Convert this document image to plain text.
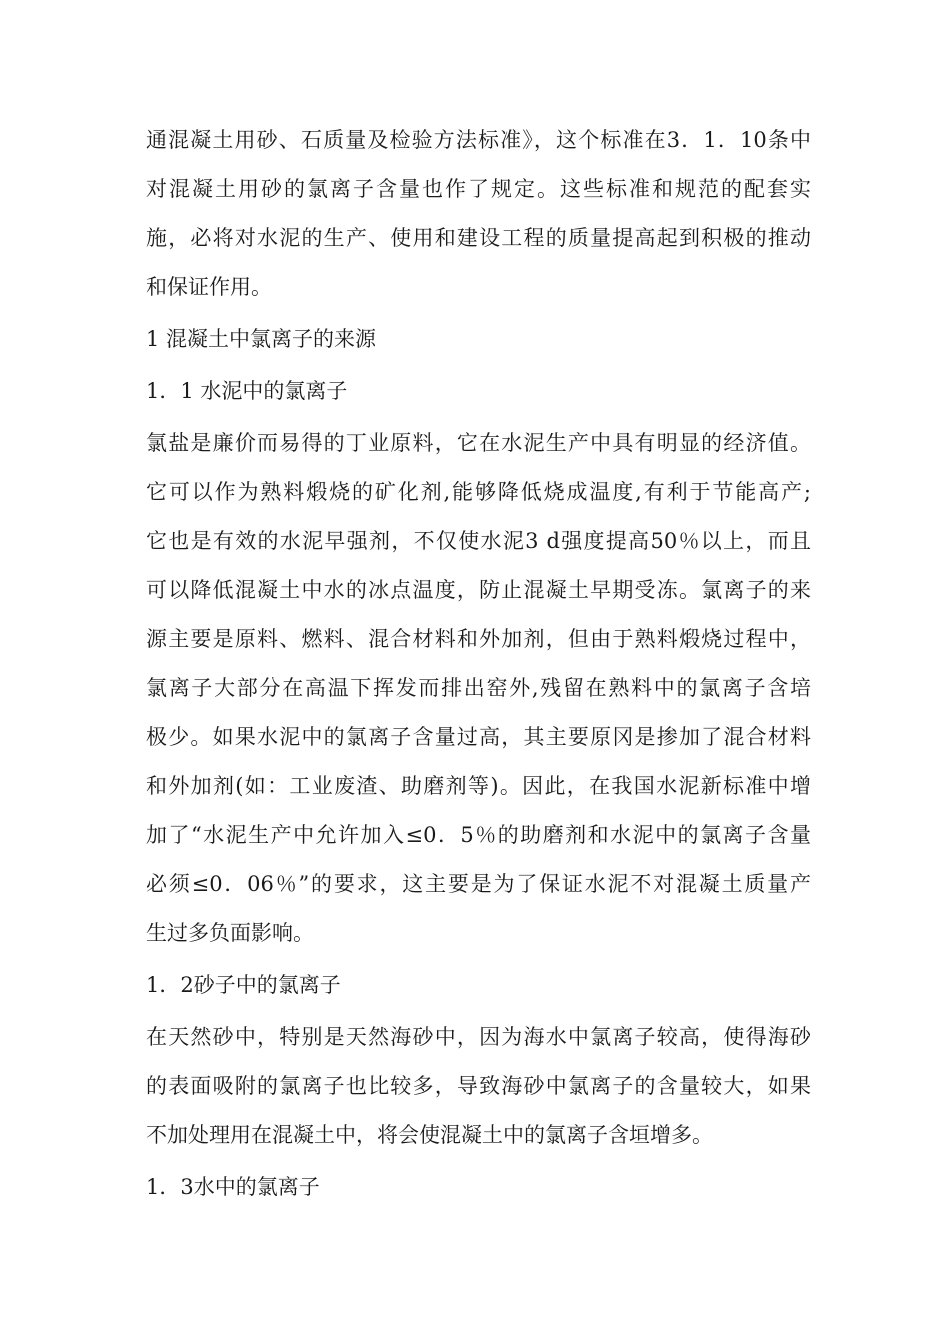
通混凝土用砂、石质量及检验方法标准》，这个标准在3．1．10条中
对混凝土用砂的氯离子含量也作了规定。这些标准和规范的配套实
施，必将对水泥的生产、使用和建设工程的质量提高起到积极的推动
和保证作用。
1 混凝土中氯离子的来源
1．1 水泥中的氯离子
氯盐是廉价而易得的丁业原料，它在水泥生产中具有明显的经济值。
它可以作为熟料煅烧的矿化剂,能够降低烧成温度,有利于节能高产;
它也是有效的水泥早强剂，不仅使水泥3 d强度提高50％以上，而且
可以降低混凝土中水的冰点温度，防止混凝土早期受冻。氯离子的来
源主要是原料、燃料、混合材料和外加剂，但由于熟料煅烧过程中，
氯离子大部分在高温下挥发而排出窑外,残留在熟料中的氯离子含培
极少。如果水泥中的氯离子含量过高，其主要原冈是掺加了混合材料
和外加剂(如：工业废渣、助磨剂等)。因此，在我国水泥新标准中增
加了“水泥生产中允许加入≤0．5％的助磨剂和水泥中的氯离子含量
必须≤0．06％”的要求，这主要是为了保证水泥不对混凝土质量产
生过多负面影响。
1．2砂子中的氯离子
在天然砂中，特别是天然海砂中，因为海水中氯离子较高，使得海砂
的表面吸附的氯离子也比较多，导致海砂中氯离子的含量较大，如果
不加处理用在混凝土中，将会使混凝土中的氯离子含垣增多。
1．3水中的氯离子
